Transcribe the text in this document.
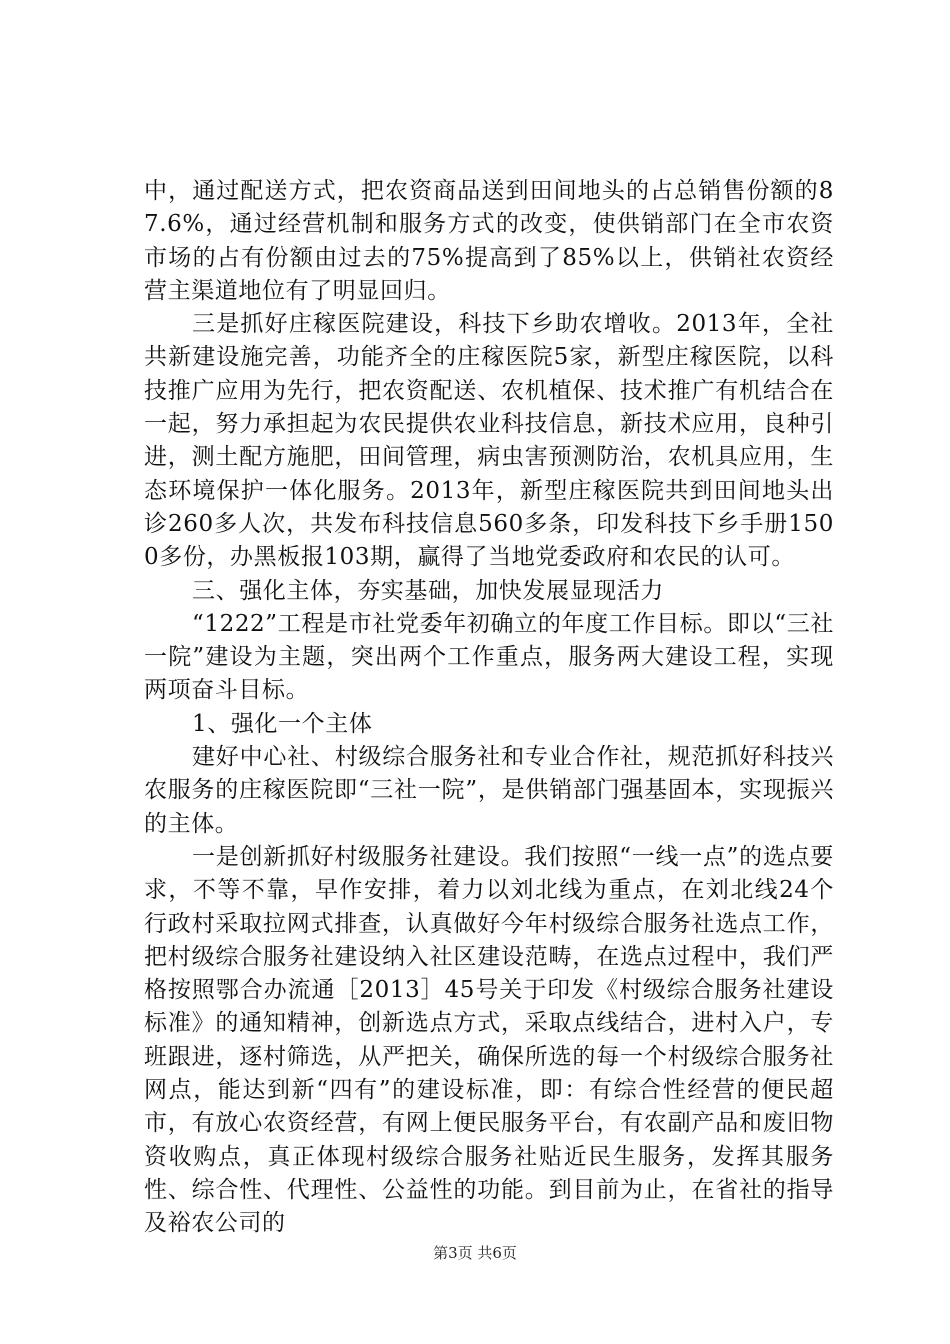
中，通过配送方式，把农资商品送到田间地头的占总销售份额的87.6%，通过经营机制和服务方式的改变，使供销部门在全市农资市场的占有份额由过去的75%提高到了85%以上，供销社农资经营主渠道地位有了明显回归。

三是抓好庄稼医院建设，科技下乡助农增收。2013年，全社共新建设施完善，功能齐全的庄稼医院5家，新型庄稼医院，以科技推广应用为先行，把农资配送、农机植保、技术推广有机结合在一起，努力承担起为农民提供农业科技信息，新技术应用，良种引进，测土配方施肥，田间管理，病虫害预测防治，农机具应用，生态环境保护一体化服务。2013年，新型庄稼医院共到田间地头出诊260多人次，共发布科技信息560多条，印发科技下乡手册1500多份，办黑板报103期，赢得了当地党委政府和农民的认可。

三、强化主体，夯实基础，加快发展显现活力

“1222”工程是市社党委年初确立的年度工作目标。即以“三社一院”建设为主题，突出两个工作重点，服务两大建设工程，实现两项奋斗目标。

1、强化一个主体

建好中心社、村级综合服务社和专业合作社，规范抓好科技兴农服务的庄稼医院即“三社一院”，是供销部门强基固本，实现振兴的主体。

一是创新抓好村级服务社建设。我们按照“一线一点”的选点要求，不等不靠，早作安排，着力以刘北线为重点，在刘北线24个行政村采取拉网式排查，认真做好今年村级综合服务社选点工作，把村级综合服务社建设纳入社区建设范畴，在选点过程中，我们严格按照鄂合办流通［2013］45号关于印发《村级综合服务社建设标准》的通知精神，创新选点方式，采取点线结合，进村入户，专班跟进，逐村筛选，从严把关，确保所选的每一个村级综合服务社网点，能达到新“四有”的建设标准，即：有综合性经营的便民超市，有放心农资经营，有网上便民服务平台，有农副产品和废旧物资收购点，真正体现村级综合服务社贴近民生服务，发挥其服务性、综合性、代理性、公益性的功能。到目前为止，在省社的指导及裕农公司的

第3页 共6页
